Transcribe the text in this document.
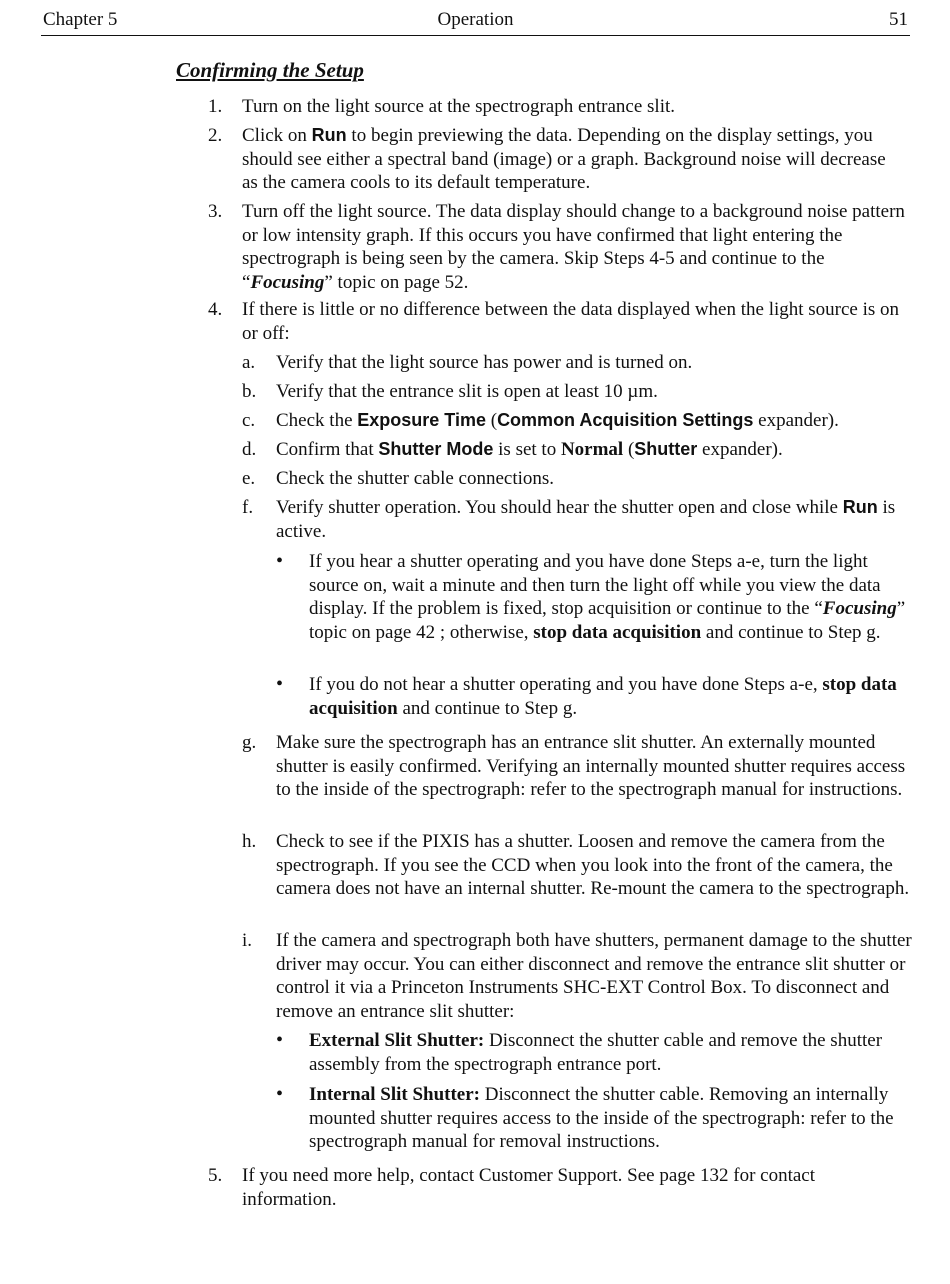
Chapter 5	Operation	51
Confirming the Setup
1. Turn on the light source at the spectrograph entrance slit.
2. Click on Run to begin previewing the data. Depending on the display settings, you should see either a spectral band (image) or a graph. Background noise will decrease as the camera cools to its default temperature.
3. Turn off the light source. The data display should change to a background noise pattern or low intensity graph. If this occurs you have confirmed that light entering the spectrograph is being seen by the camera. Skip Steps 4-5 and continue to the “Focusing” topic on page 52.
4. If there is little or no difference between the data displayed when the light source is on or off:
a. Verify that the light source has power and is turned on.
b. Verify that the entrance slit is open at least 10 µm.
c. Check the Exposure Time (Common Acquisition Settings expander).
d. Confirm that Shutter Mode is set to Normal (Shutter expander).
e. Check the shutter cable connections.
f. Verify shutter operation. You should hear the shutter open and close while Run is active.
• If you hear a shutter operating and you have done Steps a-e, turn the light source on, wait a minute and then turn the light off while you view the data display. If the problem is fixed, stop acquisition or continue to the “Focusing” topic on page 42 ; otherwise, stop data acquisition and continue to Step g.
• If you do not hear a shutter operating and you have done Steps a-e, stop data acquisition and continue to Step g.
g. Make sure the spectrograph has an entrance slit shutter. An externally mounted shutter is easily confirmed. Verifying an internally mounted shutter requires access to the inside of the spectrograph: refer to the spectrograph manual for instructions.
h. Check to see if the PIXIS has a shutter. Loosen and remove the camera from the spectrograph. If you see the CCD when you look into the front of the camera, the camera does not have an internal shutter. Re-mount the camera to the spectrograph.
i. If the camera and spectrograph both have shutters, permanent damage to the shutter driver may occur. You can either disconnect and remove the entrance slit shutter or control it via a Princeton Instruments SHC-EXT Control Box. To disconnect and remove an entrance slit shutter:
• External Slit Shutter: Disconnect the shutter cable and remove the shutter assembly from the spectrograph entrance port.
• Internal Slit Shutter: Disconnect the shutter cable. Removing an internally mounted shutter requires access to the inside of the spectrograph: refer to the spectrograph manual for removal instructions.
5. If you need more help, contact Customer Support. See page 132 for contact information.
